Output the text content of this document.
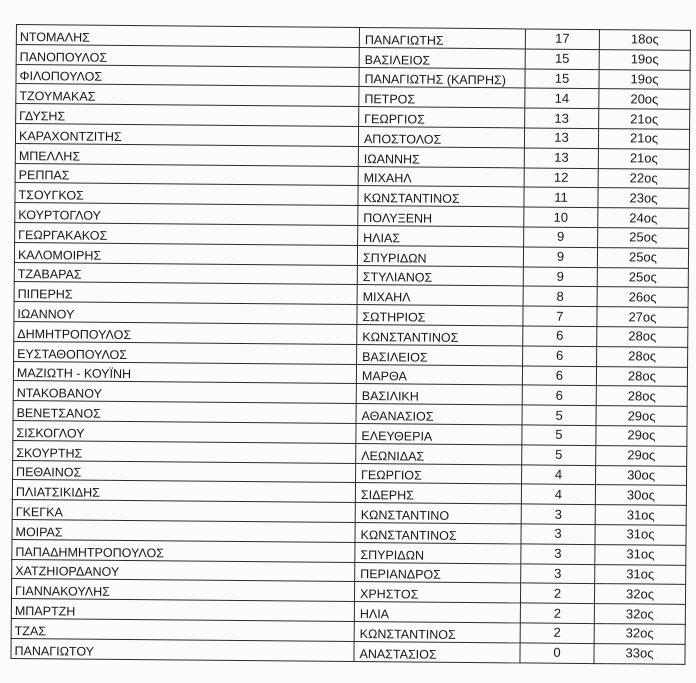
ΝΤΟΜΑΛΗΣ	ΠΑΝΑΓΙΩΤΗΣ	17	18ος
ΠΑΝΟΠΟΥΛΟΣ	ΒΑΣΙΛΕΙΟΣ	15	19ος
ΦΙΛΟΠΟΥΛΟΣ	ΠΑΝΑΓΙΩΤΗΣ (ΚΑΠΡΗΣ)	15	19ος
ΤΖΟΥΜΑΚΑΣ	ΠΕΤΡΟΣ	14	20ος
ΓΔΥΣΗΣ	ΓΕΩΡΓΙΟΣ	13	21ος
ΚΑΡΑΧΟΝΤΖΙΤΗΣ	ΑΠΟΣΤΟΛΟΣ	13	21ος
ΜΠΕΛΛΗΣ	ΙΩΑΝΝΗΣ	13	21ος
ΡΕΠΠΑΣ	ΜΙΧΑΗΛ	12	22ος
ΤΣΟΥΓΚΟΣ	ΚΩΝΣΤΑΝΤΙΝΟΣ	11	23ος
ΚΟΥΡΤΟΓΛΟΥ	ΠΟΛΥΞΕΝΗ	10	24ος
ΓΕΩΡΓΑΚΑΚΟΣ	ΗΛΙΑΣ	9	25ος
ΚΑΛΟΜΟΙΡΗΣ	ΣΠΥΡΙΔΩΝ	9	25ος
ΤΖΑΒΑΡΑΣ	ΣΤΥΛΙΑΝΟΣ	9	25ος
ΠΙΠΕΡΗΣ	ΜΙΧΑΗΛ	8	26ος
ΙΩΑΝΝΟΥ	ΣΩΤΗΡΙΟΣ	7	27ος
ΔΗΜΗΤΡΟΠΟΥΛΟΣ	ΚΩΝΣΤΑΝΤΙΝΟΣ	6	28ος
ΕΥΣΤΑΘΟΠΟΥΛΟΣ	ΒΑΣΙΛΕΙΟΣ	6	28ος
ΜΑΖΙΩΤΗ - ΚΟΥΪΝΗ	ΜΑΡΘΑ	6	28ος
ΝΤΑΚΟΒΑΝΟΥ	ΒΑΣΙΛΙΚΗ	6	28ος
ΒΕΝΕΤΣΑΝΟΣ	ΑΘΑΝΑΣΙΟΣ	5	29ος
ΣΙΣΚΟΓΛΟΥ	ΕΛΕΥΘΕΡΙΑ	5	29ος
ΣΚΟΥΡΤΗΣ	ΛΕΩΝΙΔΑΣ	5	29ος
ΠΕΘΑΙΝΟΣ	ΓΕΩΡΓΙΟΣ	4	30ος
ΠΛΙΑΤΣΙΚΙΔΗΣ	ΣΙΔΕΡΗΣ	4	30ος
ΓΚΕΓΚΑ	ΚΩΝΣΤΑΝΤΙΝΟ	3	31ος
ΜΟΙΡΑΣ	ΚΩΝΣΤΑΝΤΙΝΟΣ	3	31ος
ΠΑΠΑΔΗΜΗΤΡΟΠΟΥΛΟΣ	ΣΠΥΡΙΔΩΝ	3	31ος
ΧΑΤΖΗΙΟΡΔΑΝΟΥ	ΠΕΡΙΑΝΔΡΟΣ	3	31ος
ΓΙΑΝΝΑΚΟΥΛΗΣ	ΧΡΗΣΤΟΣ	2	32ος
ΜΠΑΡΤΖΗ	ΗΛΙΑ	2	32ος
ΤΖΑΣ	ΚΩΝΣΤΑΝΤΙΝΟΣ	2	32ος
ΠΑΝΑΓΙΩΤΟΥ	ΑΝΑΣΤΑΣΙΟΣ	0	33ος
